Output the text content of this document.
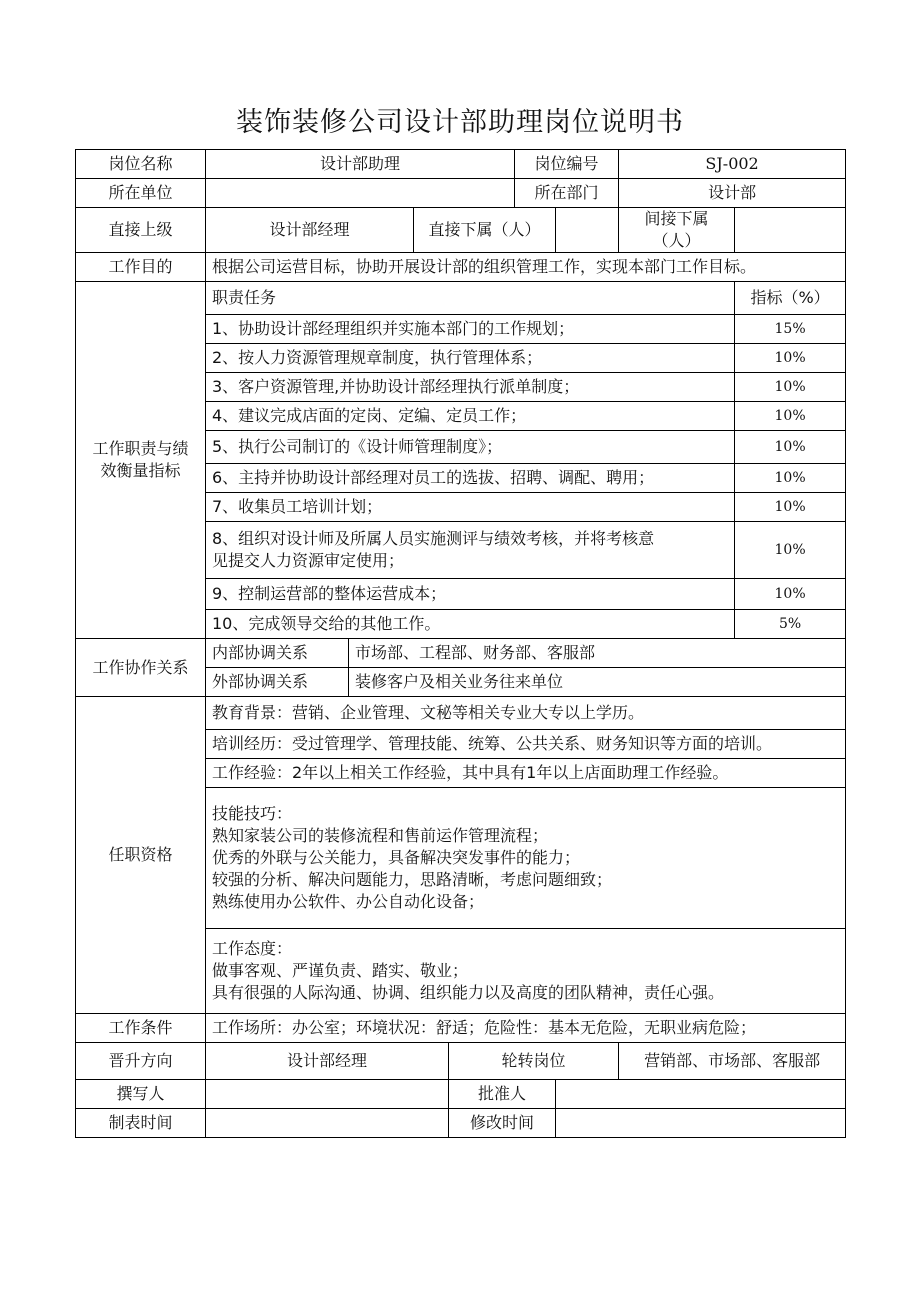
装饰装修公司设计部助理岗位说明书
岗位名称	设计部助理				岗位编号		SJ-002	
所在单位					所在部门		设计部	
直接上级	设计部经理		直接下属（人）				间接下属（人）	
工作目的	根据公司运营目标，协助开展设计部的组织管理工作，实现本部门工作目标。							

工作职责与绩
效衡量指标	职责任务							指标（%）
	1、协助设计部经理组织并实施本部门的工作规划；							15%
	2、按人力资源管理规章制度，执行管理体系；							10%
	3、客户资源管理,并协助设计部经理执行派单制度；							10%
	4、建议完成店面的定岗、定编、定员工作；							10%
	5、执行公司制订的《设计师管理制度》；							10%
	6、主持并协助设计部经理对员工的选拔、招聘、调配、聘用；							10%
	7、收集员工培训计划；							10%

	8、组织对设计师及所属人员实施测评与绩效考核，并将考核意
见提交人力资源审定使用；							10%
	9、控制运营部的整体运营成本；							10%
	10、完成领导交给的其他工作。							5%
工作协作关系	内部协调关系	市场部、工程部、财务部、客服部						
	外部协调关系	装修客户及相关业务往来单位						
任职资格	教育背景：营销、企业管理、文秘等相关专业大专以上学历。							
	培训经历：受过管理学、管理技能、统筹、公共关系、财务知识等方面的培训。							
	工作经验：2年以上相关工作经验，其中具有1年以上店面助理工作经验。							

	技能技巧：
熟知家装公司的装修流程和售前运作管理流程；
优秀的外联与公关能力，具备解决突发事件的能力；
较强的分析、解决问题能力，思路清晰，考虑问题细致；
熟练使用办公软件、办公自动化设备；							

	工作态度：
做事客观、严谨负责、踏实、敬业；
具有很强的人际沟通、协调、组织能力以及高度的团队精神，责任心强。							

工作条件	工作场所：办公室；环境状况：舒适；危险性：基本无危险，无职业病危险；							
晋升方向	设计部经理			轮转岗位			营销部、市场部、客服部	
撰写人				批准人				
制表时间				修改时间				
